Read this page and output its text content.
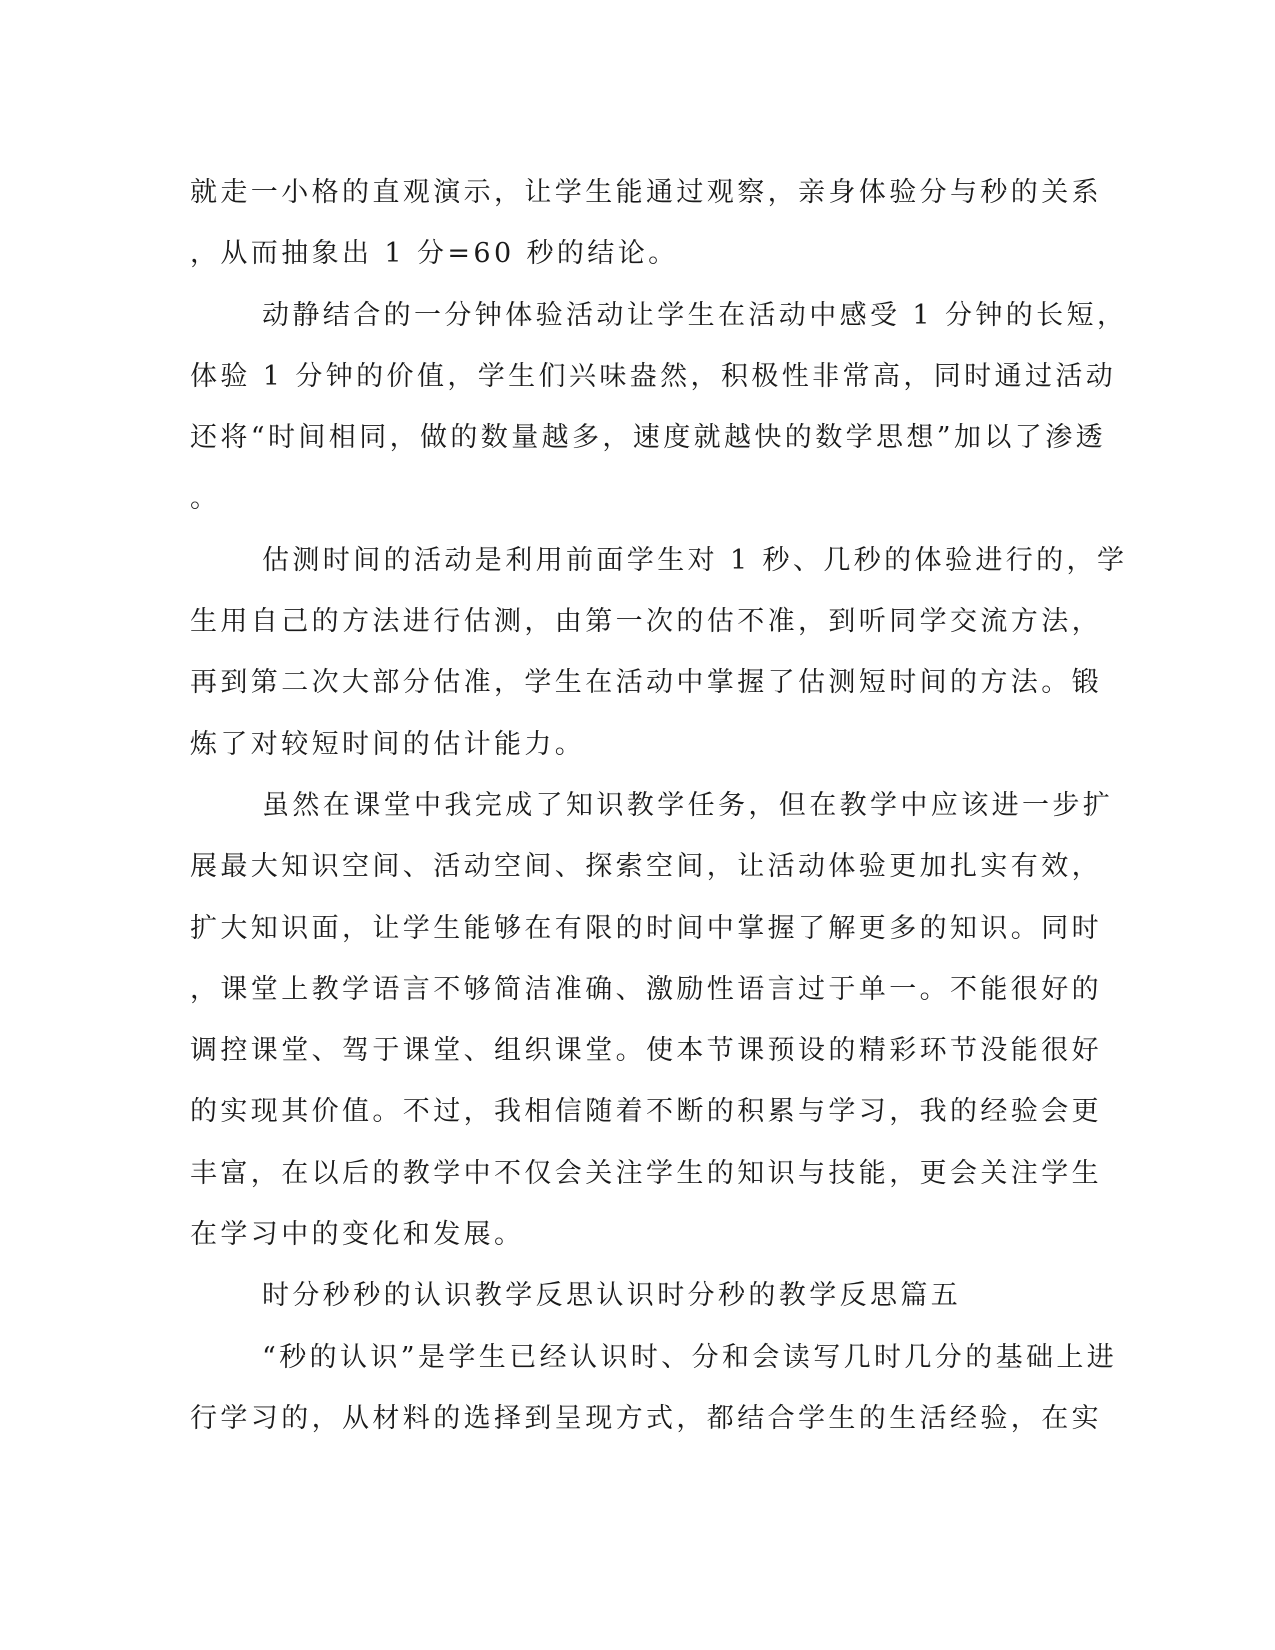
就走一小格的直观演示，让学生能通过观察，亲身体验分与秒的关系
，从而抽象出 1 分=60 秒的结论。
动静结合的一分钟体验活动让学生在活动中感受 1 分钟的长短，
体验 1 分钟的价值，学生们兴味盎然，积极性非常高，同时通过活动
还将“时间相同，做的数量越多，速度就越快的数学思想”加以了渗透
。
估测时间的活动是利用前面学生对 1 秒、几秒的体验进行的，学
生用自己的方法进行估测，由第一次的估不准，到听同学交流方法，
再到第二次大部分估准，学生在活动中掌握了估测短时间的方法。锻
炼了对较短时间的估计能力。
虽然在课堂中我完成了知识教学任务，但在教学中应该进一步扩
展最大知识空间、活动空间、探索空间，让活动体验更加扎实有效，
扩大知识面，让学生能够在有限的时间中掌握了解更多的知识。同时
，课堂上教学语言不够简洁准确、激励性语言过于单一。不能很好的
调控课堂、驾于课堂、组织课堂。使本节课预设的精彩环节没能很好
的实现其价值。不过，我相信随着不断的积累与学习，我的经验会更
丰富，在以后的教学中不仅会关注学生的知识与技能，更会关注学生
在学习中的变化和发展。
时分秒秒的认识教学反思认识时分秒的教学反思篇五
“秒的认识”是学生已经认识时、分和会读写几时几分的基础上进
行学习的，从材料的选择到呈现方式，都结合学生的生活经验，在实
